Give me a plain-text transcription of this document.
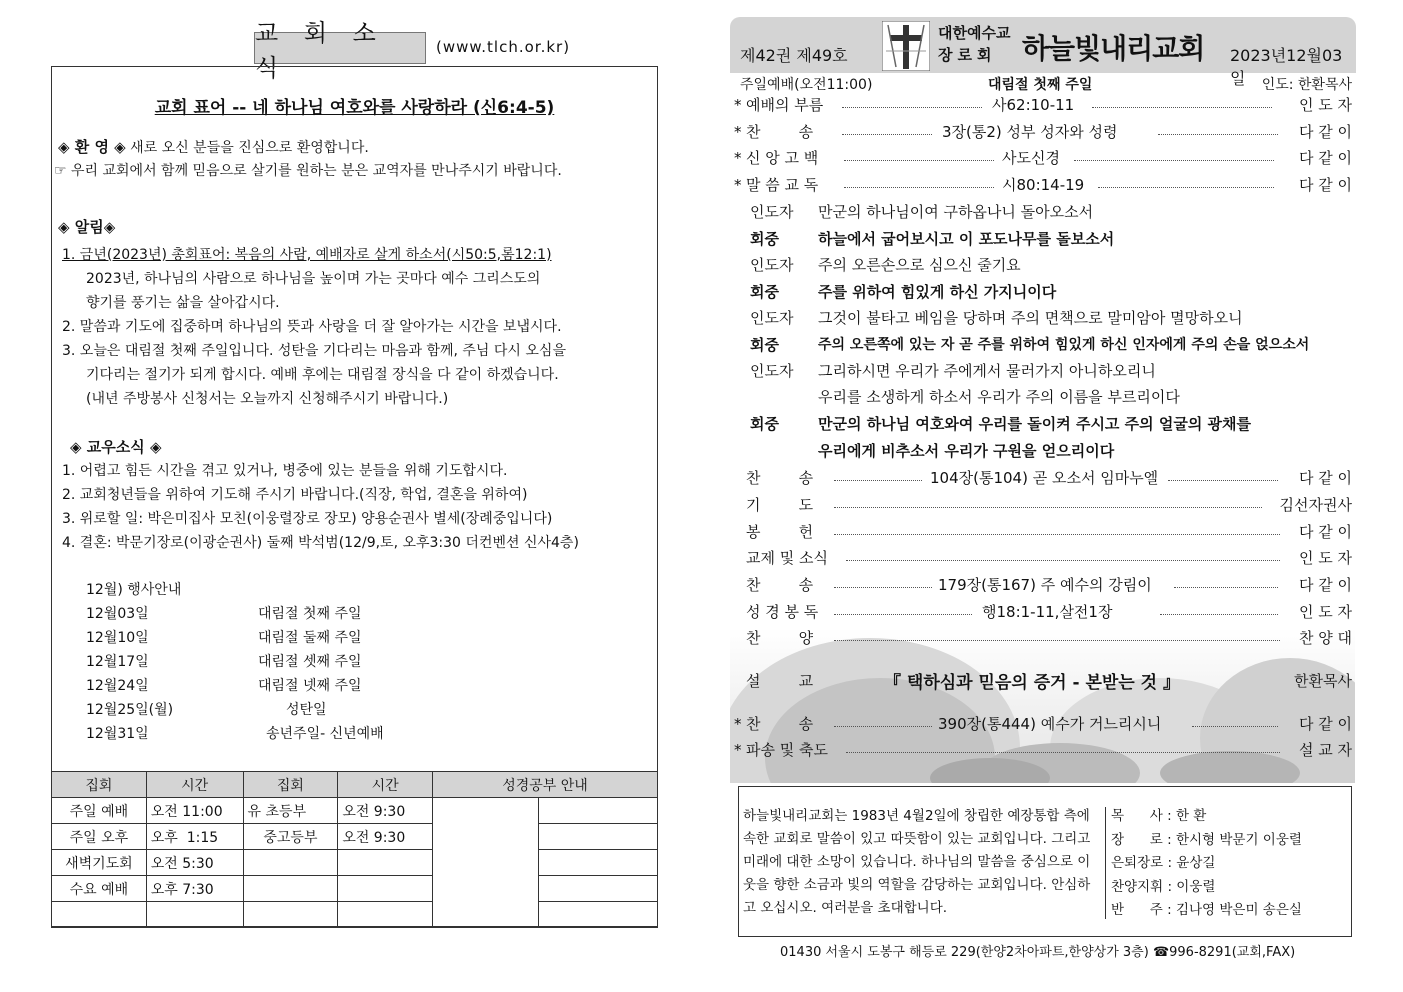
교 회 소 식
(www.tlch.or.kr)
교회 표어 -- 네 하나님 여호와를 사랑하라 (신6:4-5)
◈ 환 영 ◈ 새로 오신 분들을 진심으로 환영합니다.
☞ 우리 교회에서 함께 믿음으로 살기를 원하는 분은 교역자를 만나주시기 바랍니다.
◈ 알림◈
1. 금년(2023년) 총회표어: 복음의 사람, 예배자로 살게 하소서(시50:5,롬12:1)
2023년, 하나님의 사람으로 하나님을 높이며 가는 곳마다 예수 그리스도의
향기를 풍기는 삶을 살아갑시다.
2. 말씀과 기도에 집중하며 하나님의 뜻과 사랑을 더 잘 알아가는 시간을 보냅시다.
3. 오늘은 대림절 첫째 주일입니다. 성탄을 기다리는 마음과 함께, 주님 다시 오심을
기다리는 절기가 되게 합시다. 예배 후에는 대림절 장식을 다 같이 하겠습니다.
(내년 주방봉사 신청서는 오늘까지 신청해주시기 바랍니다.)
◈ 교우소식 ◈
1. 어렵고 힘든 시간을 겪고 있거나, 병중에 있는 분들을 위해 기도합시다.
2. 교회청년들을 위하여 기도해 주시기 바랍니다.(직장, 학업, 결혼을 위하여)
3. 위로할 일: 박은미집사 모친(이웅렬장로 장모) 양용순권사 별세(장례중입니다)
4. 결혼: 박문기장로(이광순권사) 둘째 박석범(12/9,토, 오후3:30 더컨벤션 신사4층)
12월) 행사안내
12월03일	대림절 첫째 주일
12월10일	대림절 둘째 주일
12월17일	대림절 셋째 주일
12월24일	대림절 넷째 주일
12월25일(월)	성탄일
12월31일	송년주일- 신년예배
집회	시간	집회	시간	성경공부 안내	
주일 예배	오전 11:00	유 초등부	오전 9:30		
주일 오후	오후  1:15	중고등부	오전 9:30		
새벽기도회	오전 5:30				
수요 예배	오후 7:30				

제42권 제49호
대한예수교
장로회 하늘빛내리교회 2023년12월03일
주일예배(오전11:00)	대림절 첫째 주일	인도: 한환목사
* 예배의 부름	사62:10-11	인 도 자
* 찬        송	3장(통2) 성부 성자와 성령	다 같 이
* 신 앙 고 백	사도신경	다 같 이
* 말 씀 교 독	시80:14-19	다 같 이
인도자 만군의 하나님이여 구하옵나니 돌아오소서
회중	하늘에서 굽어보시고 이 포도나무를 돌보소서
인도자 주의 오른손으로 심으신 줄기요
회중	주를 위하여 힘있게 하신 가지니이다
인도자 그것이 불타고 베임을 당하며 주의 면책으로 말미암아 멸망하오니
회중	주의 오른쪽에 있는 자 곧 주를 위하여 힘있게 하신 인자에게 주의 손을 얹으소서
인도자 그리하시면 우리가 주에게서 물러가지 아니하오리니
우리를 소생하게 하소서 우리가 주의 이름을 부르리이다
회중	만군의 하나님 여호와여 우리를 돌이켜 주시고 주의 얼굴의 광채를
우리에게 비추소서 우리가 구원을 얻으리이다
찬        송	104장(통104) 곧 오소서 임마누엘	다 같 이
기        도	김선자권사
봉        헌	다 같 이
교제 및 소식	인 도 자
찬        송	179장(통167) 주 예수의 강림이	다 같 이
성 경 봉 독	행18:1-11,살전1장	인 도 자
찬        양	찬 양 대
설        교	한환목사
『 택하심과 믿음의 증거 - 본받는 것 』
* 찬        송	390장(통444) 예수가 거느리시니	다 같 이
* 파송 및 축도	설 교 자
하늘빛내리교회는 1983년 4월2일에 창립한 예장통합 측에 속한 교회로 말씀이 있고 따뜻함이 있는 교회입니다. 그리고 미래에 대한 소망이 있습니다. 하나님의 말씀을 중심으로 이웃을 향한 소금과 빛의 역할을 감당하는 교회입니다. 안심하고 오십시오. 여러분을 초대합니다.
목      사 : 한 환
장      로 : 한시형 박문기 이웅렬
은퇴장로 : 윤상길
찬양지휘 : 이웅렬
반      주 : 김나영 박은미 송은실
01430 서울시 도봉구 해등로 229(한양2차아파트,한양상가 3층) ☎996-8291(교회,FAX)
